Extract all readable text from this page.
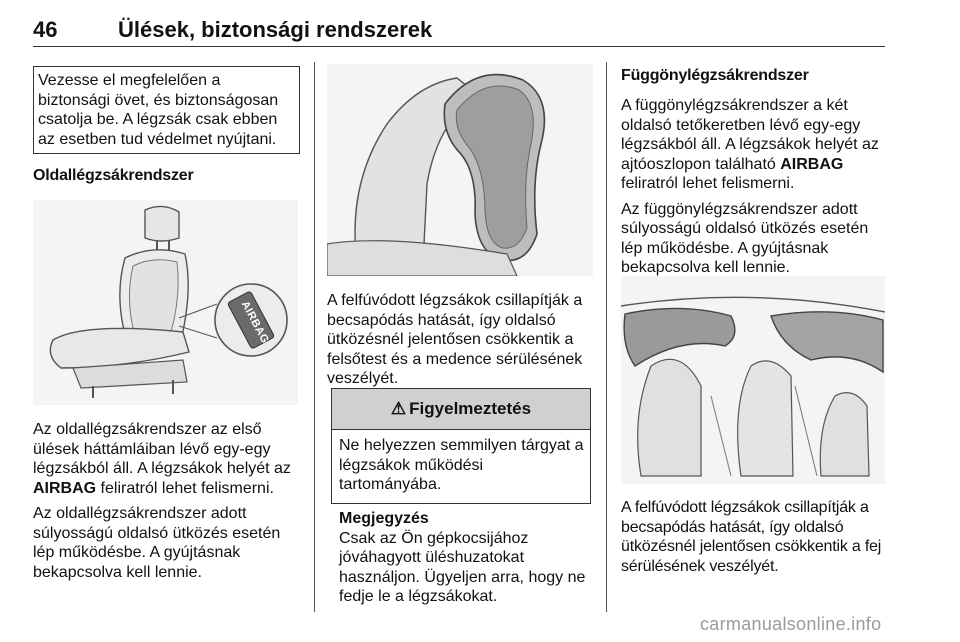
46	Ülések, biztonsági rendszerek
Vezesse el megfelelően a biztonsági övet, és biztonságosan csatolja be. A légzsák csak ebben az esetben tud védelmet nyújtani.
Oldallégzsákrendszer
AIRBAG

Az oldallégzsákrendszer az első ülések háttámláiban lévő egy-egy légzsákból áll. A légzsákok helyét az AIRBAG feliratról lehet felismerni.

Az oldallégzsákrendszer adott súlyosságú oldalsó ütközés esetén lép működésbe. A gyújtásnak bekapcsolva kell lennie.

A felfúvódott légzsákok csillapítják a becsapódás hatását, így oldalsó ütközésnél jelentősen csökkentik a felsőtest és a medence sérülésének veszélyét.

⚠ Figyelmeztetés
Ne helyezzen semmilyen tárgyat a légzsákok működési tartományába.
Megjegyzés
Csak az Ön gépkocsijához jóváhagyott üléshuzatokat használjon. Ügyeljen arra, hogy ne fedje le a légzsákokat.
Függönylégzsákrendszer

A függönylégzsákrendszer a két oldalsó tetőkeretben lévő egy-egy légzsákból áll. A légzsákok helyét az ajtóoszlopon található AIRBAG
feliratról lehet felismerni.

Az függönylégzsákrendszer adott súlyosságú oldalsó ütközés esetén lép működésbe. A gyújtásnak bekapcsolva kell lennie.

A felfúvódott légzsákok csillapítják a becsapódás hatását, így oldalsó ütközésnél jelentősen csökkentik a fej sérülésének veszélyét.

carmanualsonline.info
